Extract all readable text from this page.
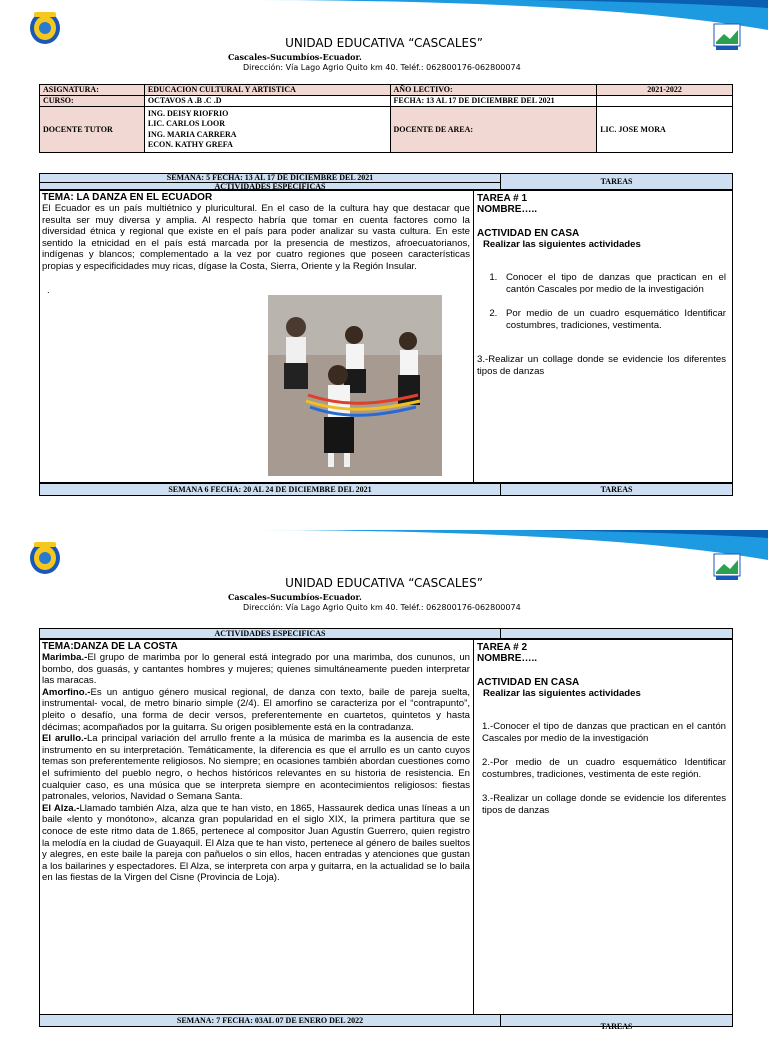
UNIDAD EDUCATIVA “CASCALES”
Cascales-Sucumbíos-Ecuador.
Dirección: Vía Lago Agrio Quito km 40. Teléf.: 062800176-062800074
ASIGNATURA:	EDUCACION CULTURAL Y ARTISTICA	AÑO LECTIVO:	2021-2022
CURSO:	OCTAVOS A .B .C .D	FECHA: 13 AL 17 DE DICIEMBRE DEL 2021	
DOCENTE TUTOR	ING. DEISY RIOFRIO
LIC. CARLOS LOOR
ING. MARIA CARRERA
ECON. KATHY GREFA	DOCENTE DE AREA:	LIC. JOSE MORA
SEMANA: 5 FECHA: 13 AL 17 DE DICIEMBRE DEL 2021
ACTIVIDADES ESPECIFICAS
TAREAS
TEMA: LA DANZA EN EL ECUADOR
El Ecuador es un país multiétnico y pluricultural. En el caso de la cultura hay que destacar que resulta ser muy diversa y amplia. Al respecto habría que tomar en cuenta factores como la diversidad étnica y regional que existe en el país para poder analizar su vasta cultura. En este sentido la etnicidad en el país está marcada por la presencia de mestizos, afroecuatorianos, indígenas y blancos; complementado a la vez por cuatro regiones que poseen características propias y especificidades muy ricas, dígase la Costa, Sierra, Oriente y la Región Insular.
.
TAREA # 1
NOMBRE…..
ACTIVIDAD EN CASA
Realizar las siguientes actividades
1. Conocer el tipo de danzas que practican en el cantón Cascales por medio de la investigación
2. Por medio de un cuadro esquemático Identificar costumbres, tradiciones, vestimenta.
3.-Realizar un collage donde se evidencie los diferentes tipos de danzas
SEMANA 6 FECHA: 20 AL 24 DE DICIEMBRE DEL 2021	TAREAS
UNIDAD EDUCATIVA “CASCALES”
Cascales-Sucumbíos-Ecuador.
Dirección: Vía Lago Agrio Quito km 40. Teléf.: 062800176-062800074
ACTIVIDADES ESPECIFICAS
TEMA:DANZA DE LA COSTA
Marimba.-El grupo de marimba por lo general está integrado por una marimba, dos cununos, un bombo, dos guasás, y cantantes hombres y mujeres; quienes simultáneamente pueden interpretar las maracas.
Amorfino.-Es un antiguo género musical regional, de danza con texto, baile de pareja suelta, instrumental- vocal, de metro binario simple (2/4). El amorfino se caracteriza por el “contrapunto”, pleito o desafío, una forma de decir versos, preferentemente en cuartetos, quintetos y hasta décimas; acompañados por la guitarra. Su origen posiblemente está en la contradanza.
El arullo.-La principal variación del arrullo frente a la música de marimba es la ausencia de este instrumento en su interpretación. Temáticamente, la diferencia es que el arrullo es un canto cuyos temas son preferentemente religiosos. No siempre; en ocasiones también abordan cuestiones como el sufrimiento del pueblo negro, o hechos históricos relevantes en su historia de resistencia. En cualquier caso, es una música que se interpreta siempre en acontecimientos religiosos: fiestas patronales, velorios, Navidad o Semana Santa.
El Alza.-Llamado también Alza, alza que te han visto, en 1865, Hassaurek dedica unas líneas a un baile «lento y monótono», alcanza gran popularidad en el siglo XIX, la primera partitura que se conoce de este ritmo data de 1.865, pertenece al compositor Juan Agustín Guerrero, quien registro la melodía en la ciudad de Guayaquil. El Alza que te han visto, pertenece al género de bailes sueltos y alegres, en este baile la pareja con pañuelos o sin ellos, hacen entradas y atenciones que gustan a los bailarines y espectadores. El Alza, se interpreta con arpa y guitarra, en la actualidad se lo baila en las fiestas de la Virgen del Cisne (Provincia de Loja).
TAREA # 2
NOMBRE…..
ACTIVIDAD EN CASA
Realizar las siguientes actividades
1.-Conocer el tipo de danzas que practican en el cantón Cascales por medio de la investigación
2.-Por medio de un cuadro esquemático Identificar costumbres, tradiciones, vestimenta de este región.
3.-Realizar un collage donde se evidencie los diferentes tipos de danzas
SEMANA: 7 FECHA: 03AL 07 DE ENERO DEL 2022
TAREAS
